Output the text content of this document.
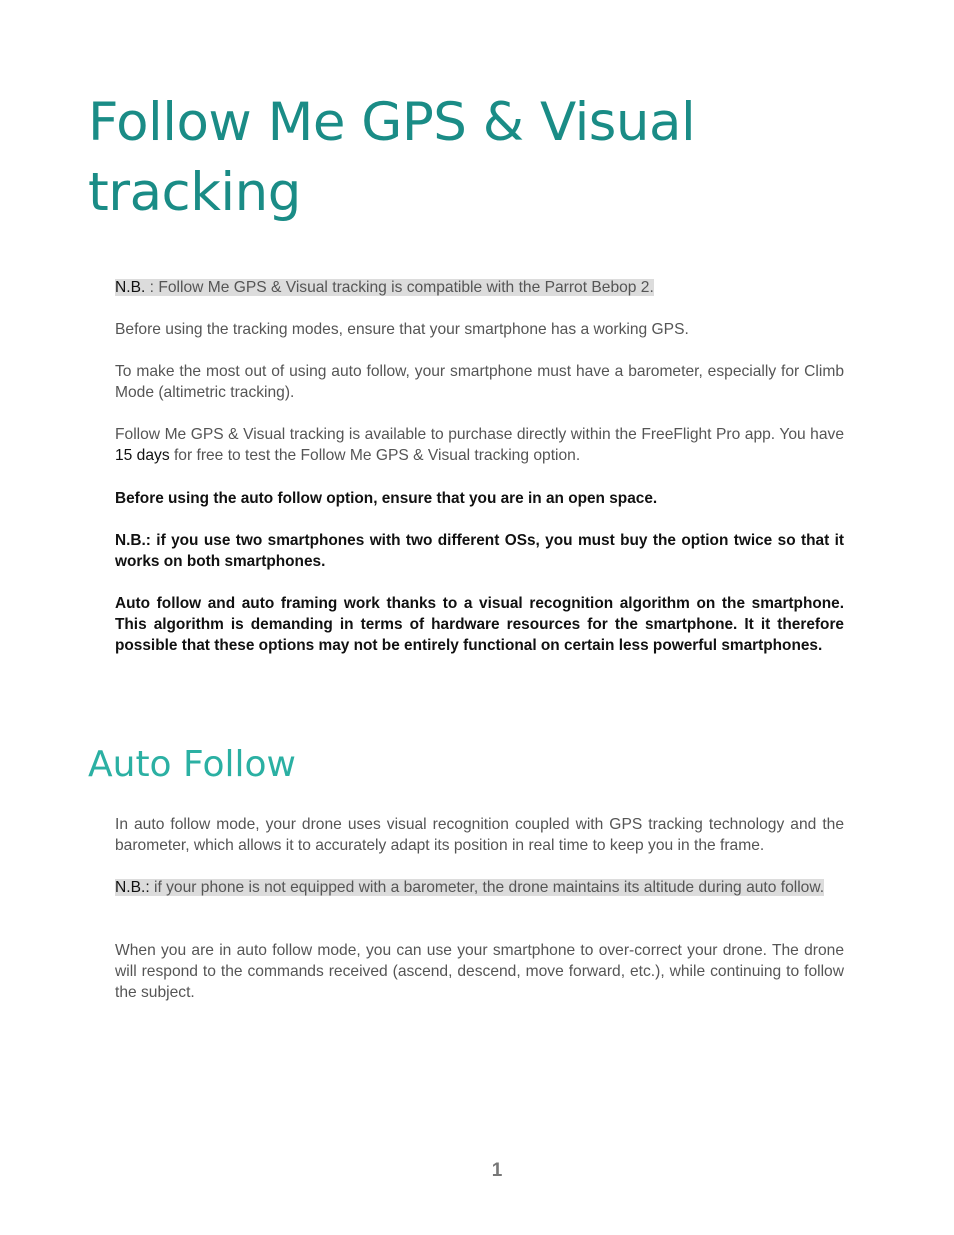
Follow Me GPS & Visual tracking

N.B. : Follow Me GPS & Visual tracking is compatible with the Parrot Bebop 2.

Before using the tracking modes, ensure that your smartphone has a working GPS.

To make the most out of using auto follow, your smartphone must have a barometer, especially for Climb Mode (altimetric tracking).

Follow Me GPS & Visual tracking is available to purchase directly within the FreeFlight Pro app. You have 15 days for free to test the Follow Me GPS & Visual tracking option.

Before using the auto follow option, ensure that you are in an open space.

N.B.: if you use two smartphones with two different OSs, you must buy the option twice so that it works on both smartphones.

Auto follow and auto framing work thanks to a visual recognition algorithm on the smartphone. This algorithm is demanding in terms of hardware resources for the smartphone. It it therefore possible that these options may not be entirely functional on certain less powerful smartphones.

Auto Follow

In auto follow mode, your drone uses visual recognition coupled with GPS tracking technology and the barometer, which allows it to accurately adapt its position in real time to keep you in the frame.

N.B.: if your phone is not equipped with a barometer, the drone maintains its altitude during auto follow.

When you are in auto follow mode, you can use your smartphone to over-correct your drone. The drone will respond to the commands received (ascend, descend, move forward, etc.), while continuing to follow the subject.

1
